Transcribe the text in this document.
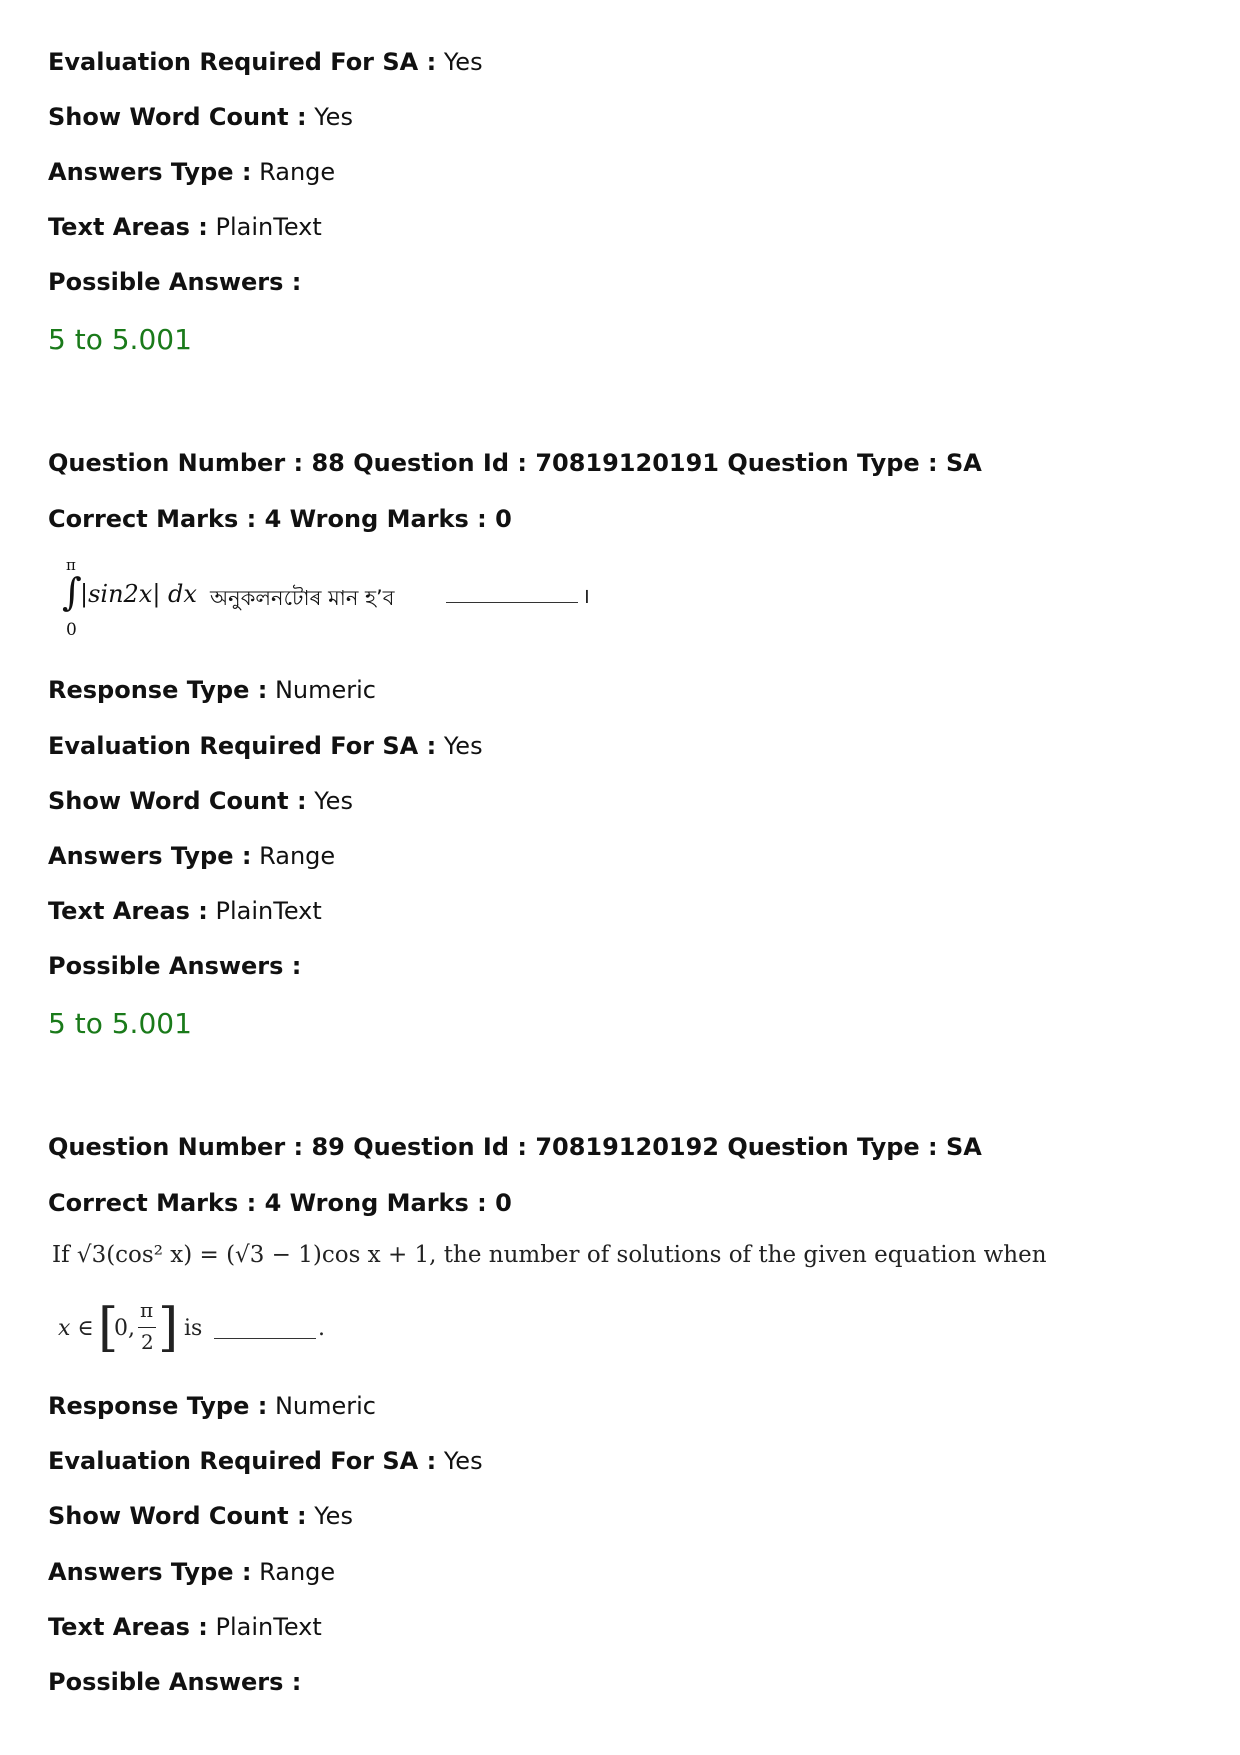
Evaluation Required For SA : Yes
Show Word Count : Yes
Answers Type : Range
Text Areas : PlainText
Possible Answers :
5 to 5.001
Question Number : 88 Question Id : 70819120191 Question Type : SA
Correct Marks : 4 Wrong Marks : 0
π
∫
0
|sin2x| dx অনুকলনটোৰ মান হ’ব	।
Response Type : Numeric
Evaluation Required For SA : Yes
Show Word Count : Yes
Answers Type : Range
Text Areas : PlainText
Possible Answers :
5 to 5.001
Question Number : 89 Question Id : 70819120192 Question Type : SA
Correct Marks : 4 Wrong Marks : 0
If √3(cos² x) = (√3 − 1)cos x + 1, the number of solutions of the given equation when
x ∈ [
0,
π
2 ] is	.
Response Type : Numeric
Evaluation Required For SA : Yes
Show Word Count : Yes
Answers Type : Range
Text Areas : PlainText
Possible Answers :
